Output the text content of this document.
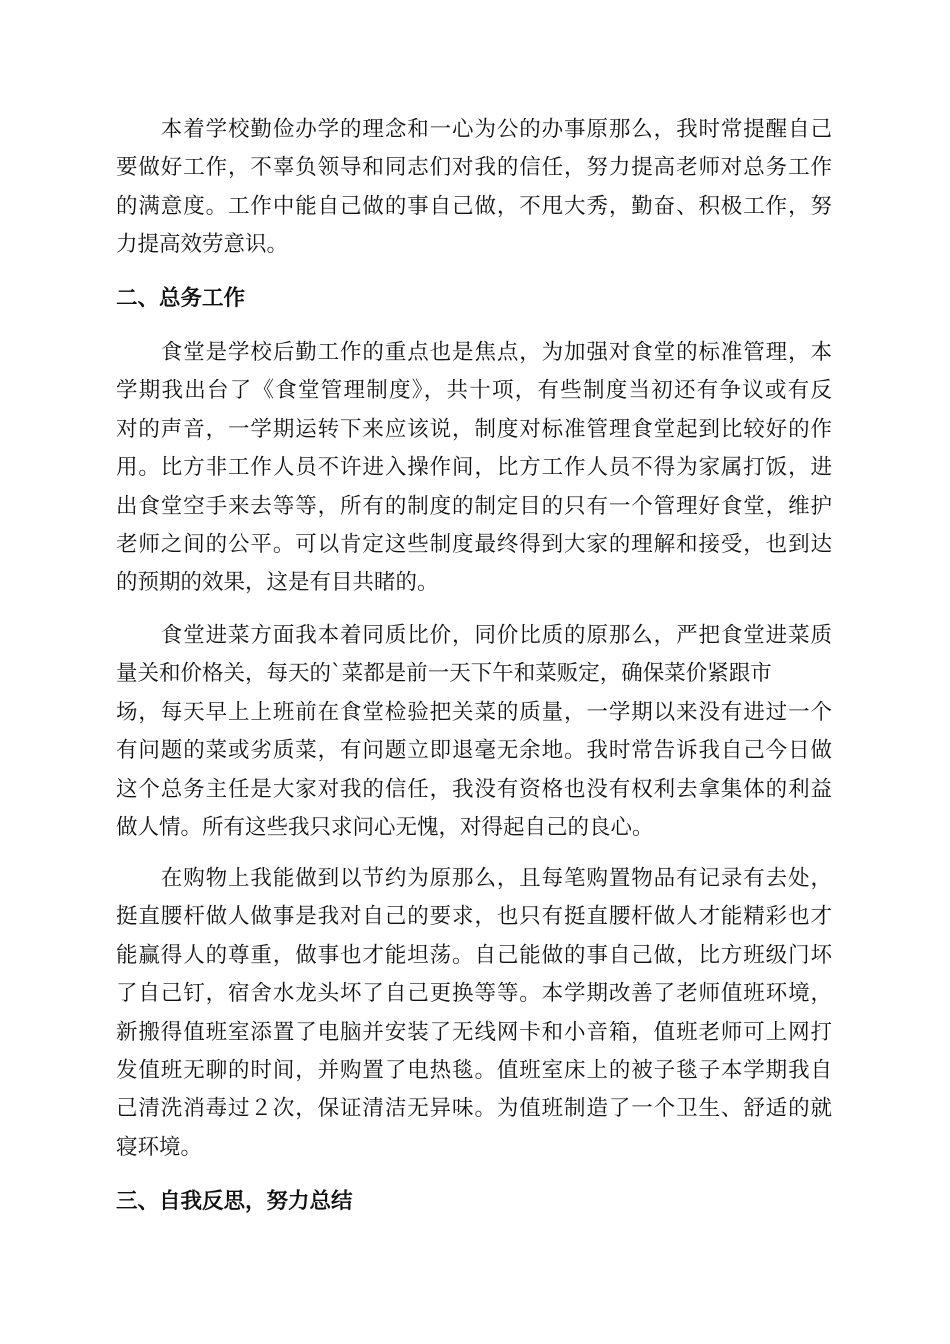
　　本着学校勤俭办学的理念和一心为公的办事原那么，我时常提醒自己
要做好工作，不辜负领导和同志们对我的信任，努力提高老师对总务工作
的满意度。工作中能自己做的事自己做，不甩大秀，勤奋、积极工作，努
力提高效劳意识。
二、总务工作
　　食堂是学校后勤工作的重点也是焦点，为加强对食堂的标准管理，本
学期我出台了《食堂管理制度》，共十项，有些制度当初还有争议或有反
对的声音，一学期运转下来应该说，制度对标准管理食堂起到比较好的作
用。比方非工作人员不许进入操作间，比方工作人员不得为家属打饭，进
出食堂空手来去等等，所有的制度的制定目的只有一个管理好食堂，维护
老师之间的公平。可以肯定这些制度最终得到大家的理解和接受，也到达
的预期的效果，这是有目共睹的。
　　食堂进菜方面我本着同质比价，同价比质的原那么，严把食堂进菜质
量关和价格关，每天的`菜都是前一天下午和菜贩定，确保菜价紧跟市
场，每天早上上班前在食堂检验把关菜的质量，一学期以来没有进过一个
有问题的菜或劣质菜，有问题立即退毫无余地。我时常告诉我自己今日做
这个总务主任是大家对我的信任，我没有资格也没有权利去拿集体的利益
做人情。所有这些我只求问心无愧，对得起自己的良心。
　　在购物上我能做到以节约为原那么，且每笔购置物品有记录有去处，
挺直腰杆做人做事是我对自己的要求，也只有挺直腰杆做人才能精彩也才
能赢得人的尊重，做事也才能坦荡。自己能做的事自己做，比方班级门坏
了自己钉，宿舍水龙头坏了自己更换等等。本学期改善了老师值班环境，
新搬得值班室添置了电脑并安装了无线网卡和小音箱，值班老师可上网打
发值班无聊的时间，并购置了电热毯。值班室床上的被子毯子本学期我自
己清洗消毒过２次，保证清洁无异味。为值班制造了一个卫生、舒适的就
寝环境。
三、自我反思，努力总结
